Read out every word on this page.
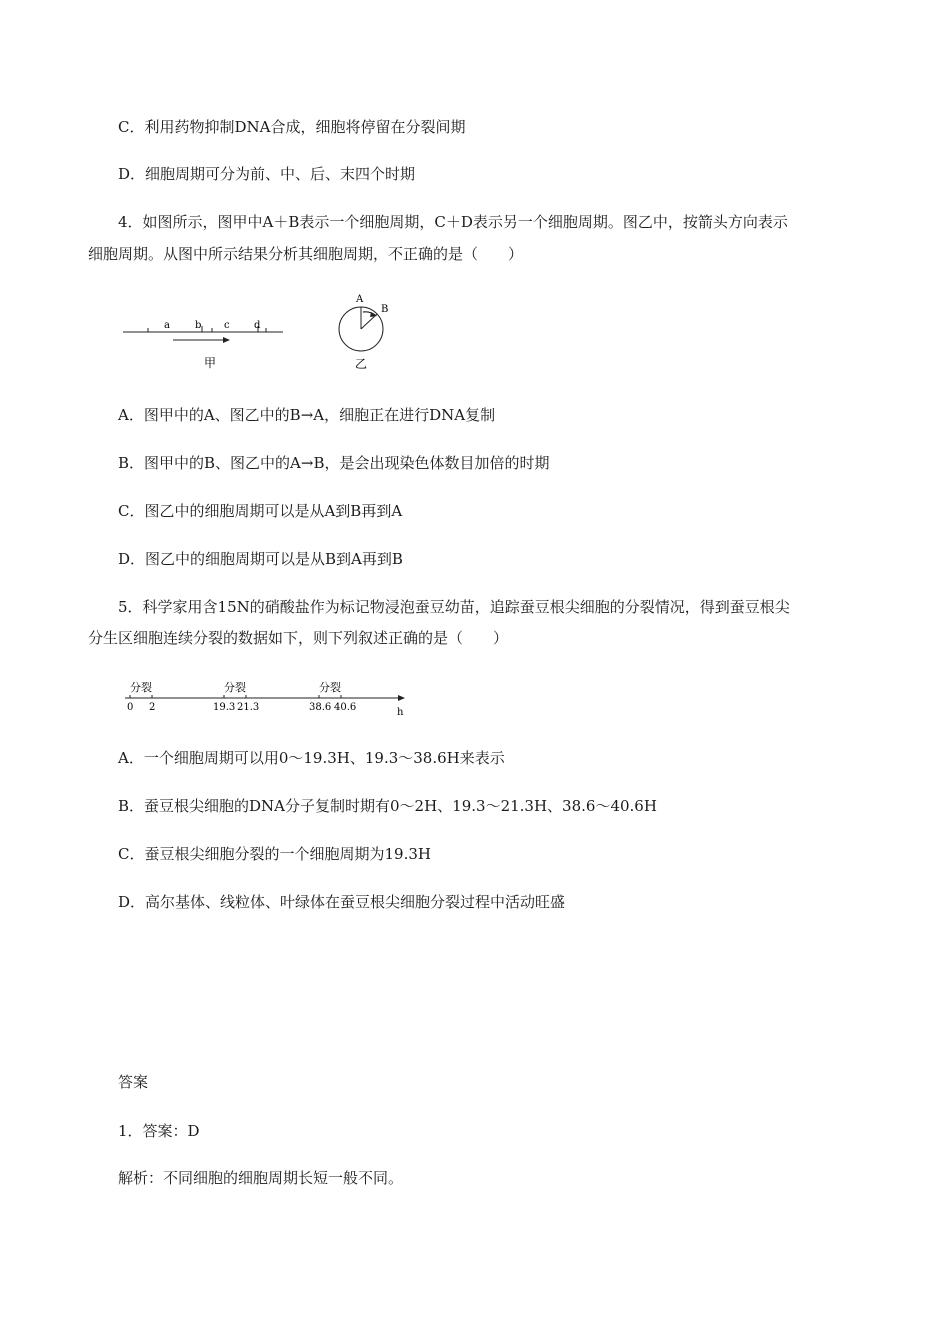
C．利用药物抑制DNA合成，细胞将停留在分裂间期
D．细胞周期可分为前、中、后、末四个时期
4．如图所示，图甲中A＋B表示一个细胞周期，C＋D表示另一个细胞周期。图乙中，按箭头方向表示
细胞周期。从图中所示结果分析其细胞周期，不正确的是（　　）
a	b c d
甲
A
B
乙
A．图甲中的A、图乙中的B→A，细胞正在进行DNA复制
B．图甲中的B、图乙中的A→B，是会出现染色体数目加倍的时期
C．图乙中的细胞周期可以是从A到B再到A
D．图乙中的细胞周期可以是从B到A再到B
5．科学家用含15N的硝酸盐作为标记物浸泡蚕豆幼苗，追踪蚕豆根尖细胞的分裂情况，得到蚕豆根尖
分生区细胞连续分裂的数据如下，则下列叙述正确的是（　　）
分裂	分裂	分裂
0 2	19.3 21.3	38.6 40.6	h
A．一个细胞周期可以用0～19.3H、19.3～38.6H来表示
B．蚕豆根尖细胞的DNA分子复制时期有0～2H、19.3～21.3H、38.6～40.6H
C．蚕豆根尖细胞分裂的一个细胞周期为19.3H
D．高尔基体、线粒体、叶绿体在蚕豆根尖细胞分裂过程中活动旺盛
答案
1．答案：D
解析：不同细胞的细胞周期长短一般不同。
